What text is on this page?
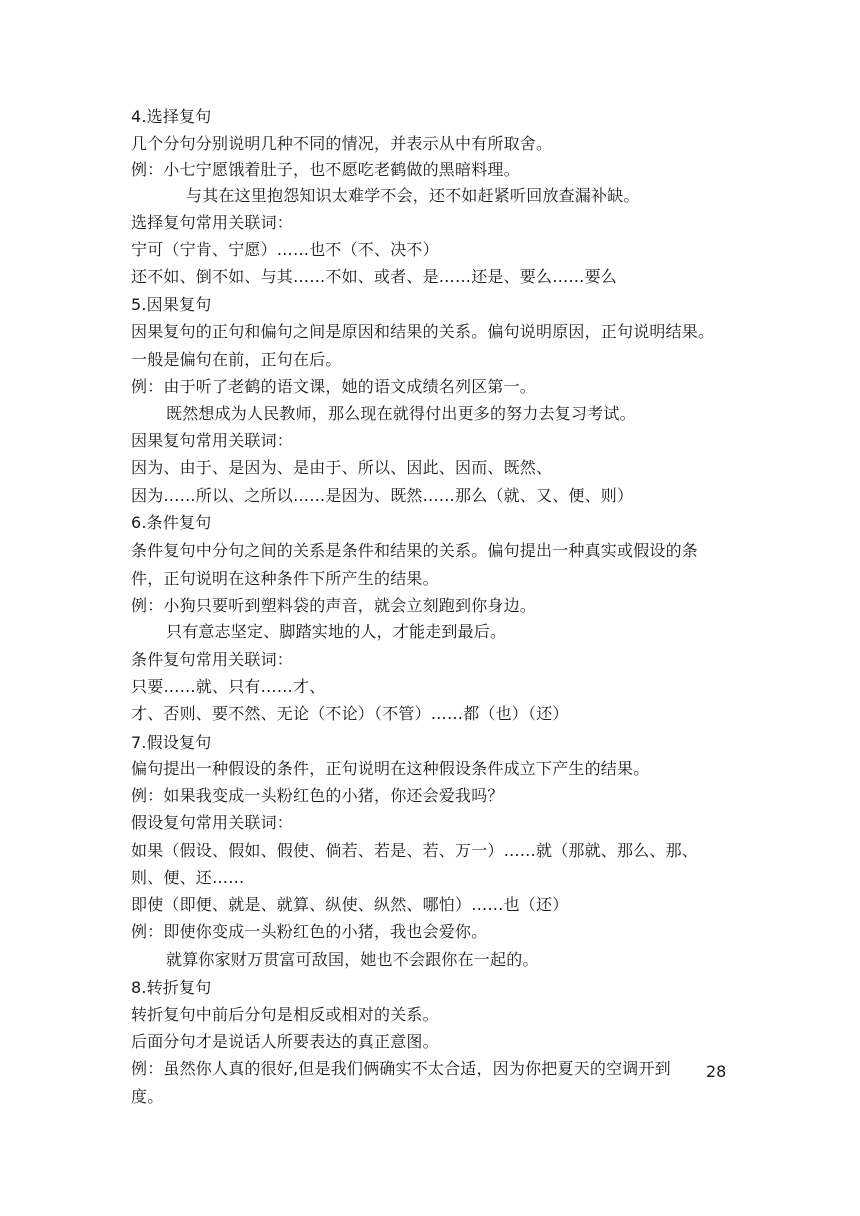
4.选择复句
几个分句分别说明几种不同的情况，并表示从中有所取舍。
例：小七宁愿饿着肚子，也不愿吃老鹤做的黑暗料理。
与其在这里抱怨知识太难学不会，还不如赶紧听回放查漏补缺。
选择复句常用关联词：
宁可（宁肯、宁愿）……也不（不、决不）
还不如、倒不如、与其……不如、或者、是……还是、要么……要么
5.因果复句
因果复句的正句和偏句之间是原因和结果的关系。偏句说明原因，正句说明结果。
一般是偏句在前，正句在后。
例：由于听了老鹤的语文课，她的语文成绩名列区第一。
既然想成为人民教师，那么现在就得付出更多的努力去复习考试。
因果复句常用关联词：
因为、由于、是因为、是由于、所以、因此、因而、既然、
因为……所以、之所以……是因为、既然……那么（就、又、便、则）
6.条件复句
条件复句中分句之间的关系是条件和结果的关系。偏句提出一种真实或假设的条
件，正句说明在这种条件下所产生的结果。
例：小狗只要听到塑料袋的声音，就会立刻跑到你身边。
只有意志坚定、脚踏实地的人，才能走到最后。
条件复句常用关联词：
只要……就、只有……才、
才、否则、要不然、无论（不论）（不管）……都（也）（还）
7.假设复句
偏句提出一种假设的条件，正句说明在这种假设条件成立下产生的结果。
例：如果我变成一头粉红色的小猪，你还会爱我吗？
假设复句常用关联词：
如果（假设、假如、假使、倘若、若是、若、万一）……就（那就、那么、那、
则、便、还……
即使（即便、就是、就算、纵使、纵然、哪怕）……也（还）
例：即使你变成一头粉红色的小猪，我也会爱你。
就算你家财万贯富可敌国，她也不会跟你在一起的。
8.转折复句
转折复句中前后分句是相反或相对的关系。
后面分句才是说话人所要表达的真正意图。
例：虽然你人真的很好,但是我们俩确实不太合适，因为你把夏天的空调开到 28
度。
